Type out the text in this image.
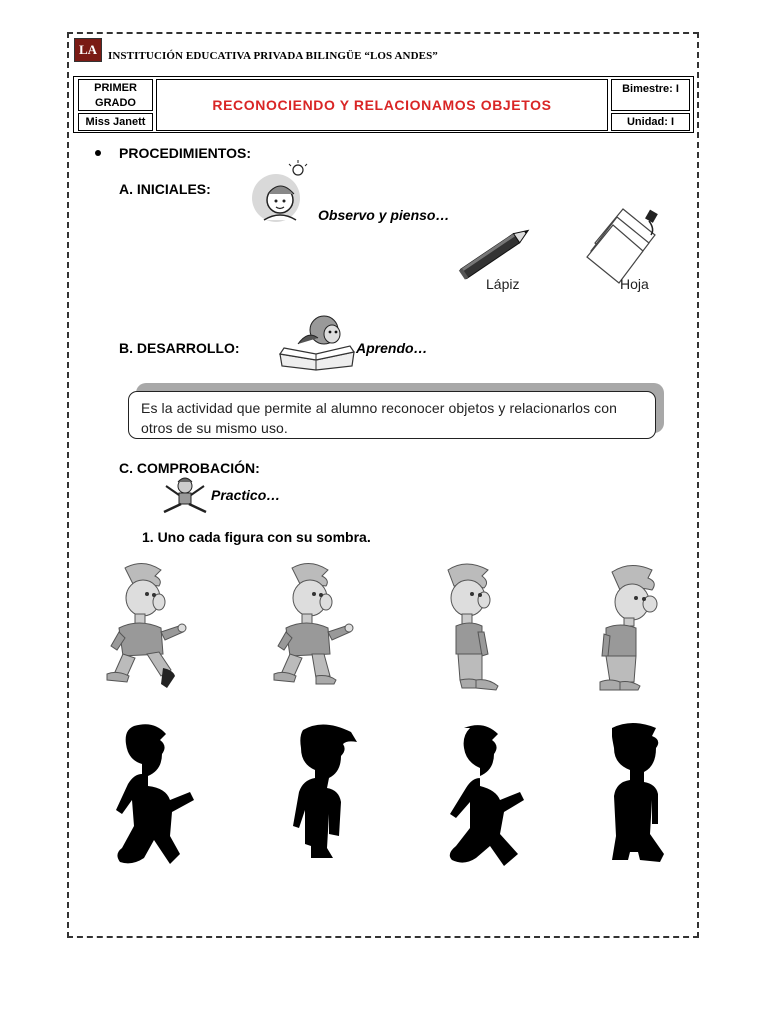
LA INSTITUCIÓN EDUCATIVA PRIVADA BILINGÜE “LOS ANDES”
PRIMER
GRADO
Miss Janett
RECONOCIENDO Y RELACIONAMOS OBJETOS
Bimestre: I
Unidad: I
PROCEDIMIENTOS:
A. INICIALES:
Observo y pienso…
Lápiz	Hoja
B. DESARROLLO:	Aprendo…
Es la actividad que permite al alumno reconocer objetos y relacionarlos con otros de su mismo uso.
C. COMPROBACIÓN:
Practico…
1. Uno cada figura con su sombra.
